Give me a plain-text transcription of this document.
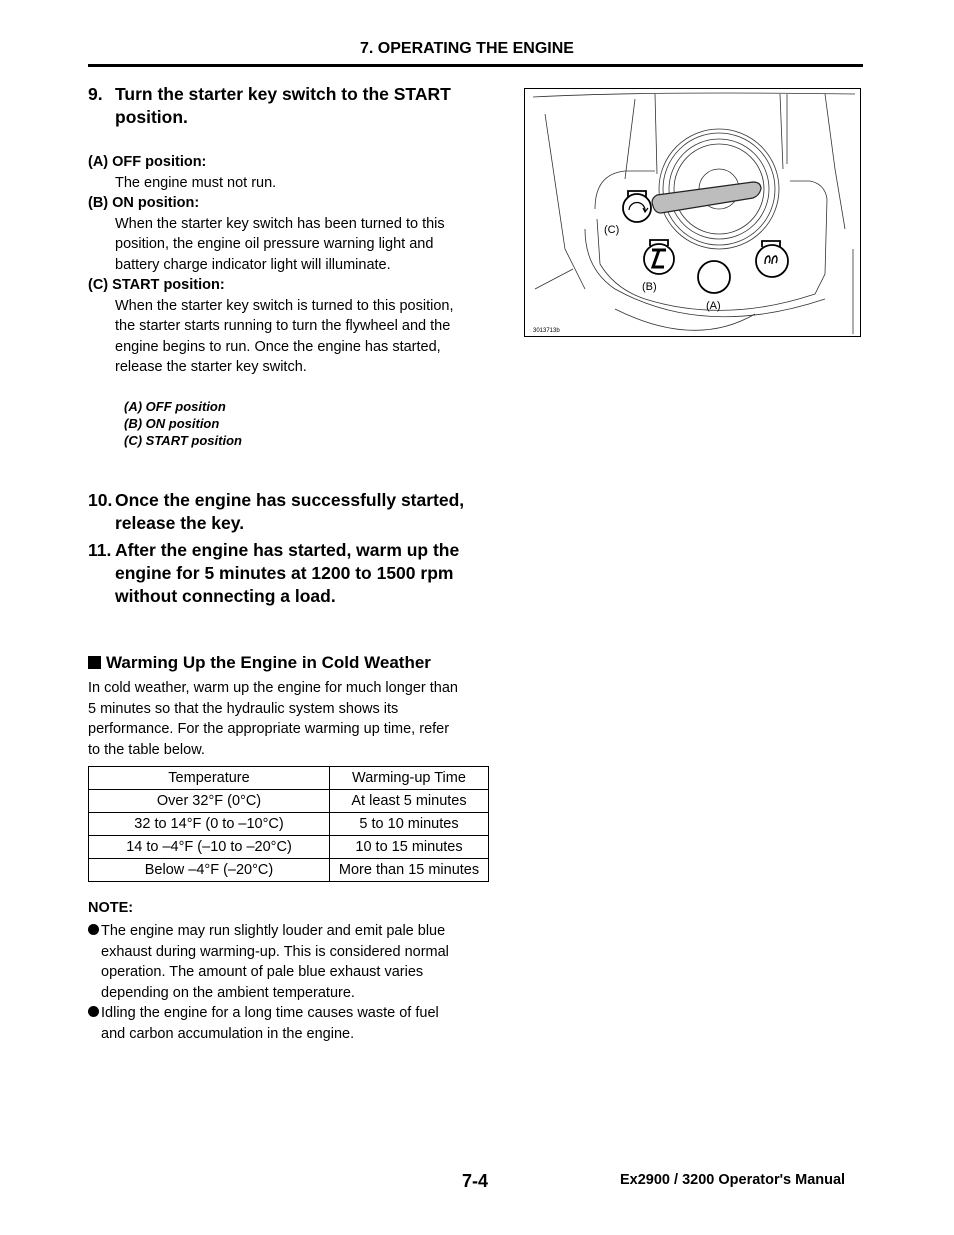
7. OPERATING THE ENGINE
9. Turn the starter key switch to the START
position.
(A) OFF position:
The engine must not run.
(B) ON position:
When the starter key switch has been turned to this
position, the engine oil pressure warning light and
battery charge indicator light will illuminate.
(C) START position:
When the starter key switch is turned to this position,
the starter starts running to turn the flywheel and the
engine begins to run. Once the engine has started,
release the starter key switch.
(A) OFF position
(B) ON position
(C) START position
10. Once the engine has successfully started,
release the key.
11. After the engine has started, warm up the
engine for 5 minutes at 1200 to 1500 rpm
without connecting a load.
Warming Up the Engine in Cold Weather
In cold weather, warm up the engine for much longer than
5 minutes so that the hydraulic system shows its
performance. For the appropriate warming up time, refer
to the table below.
Temperature	Warming-up Time
Over 32°F (0°C)	At least 5 minutes
32 to 14°F (0 to –10°C)	5 to 10 minutes
14 to –4°F (–10 to –20°C)	10 to 15 minutes
Below –4°F (–20°C)	More than 15 minutes
NOTE:
The engine may run slightly louder and emit pale blue
exhaust during warming-up. This is considered normal
operation. The amount of pale blue exhaust varies
depending on the ambient temperature.
Idling the engine for a long time causes waste of fuel
and carbon accumulation in the engine.
(C)
(B)
(A)
3013713b
7-4	Ex2900 / 3200 Operator's Manual
